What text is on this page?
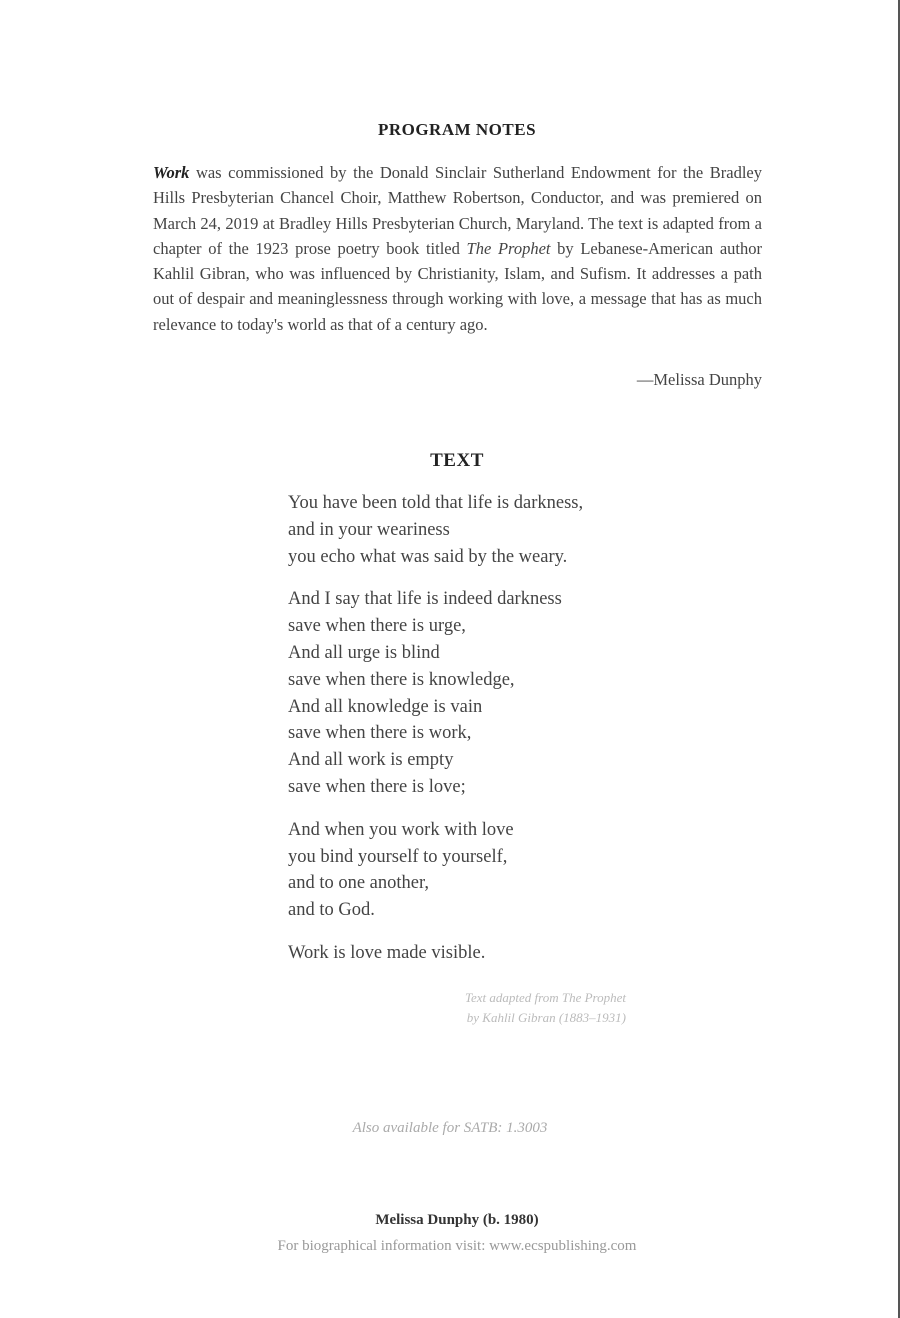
PROGRAM NOTES
Work was commissioned by the Donald Sinclair Sutherland Endowment for the Bradley Hills Presbyterian Chancel Choir, Matthew Robertson, Conductor, and was premiered on March 24, 2019 at Bradley Hills Presbyterian Church, Maryland. The text is adapted from a chapter of the 1923 prose poetry book titled The Prophet by Lebanese-American author Kahlil Gibran, who was influenced by Christianity, Islam, and Sufism. It addresses a path out of despair and meaninglessness through working with love, a message that has as much relevance to today's world as that of a century ago.
—Melissa Dunphy
TEXT
You have been told that life is darkness,
and in your weariness
you echo what was said by the weary.
And I say that life is indeed darkness
save when there is urge,
And all urge is blind
save when there is knowledge,
And all knowledge is vain
save when there is work,
And all work is empty
save when there is love;
And when you work with love
you bind yourself to yourself,
and to one another,
and to God.
Work is love made visible.
Text adapted from The Prophet
by Kahlil Gibran (1883–1931)
Also available for SATB: 1.3003
Melissa Dunphy (b. 1980)
For biographical information visit: www.ecspublishing.com
